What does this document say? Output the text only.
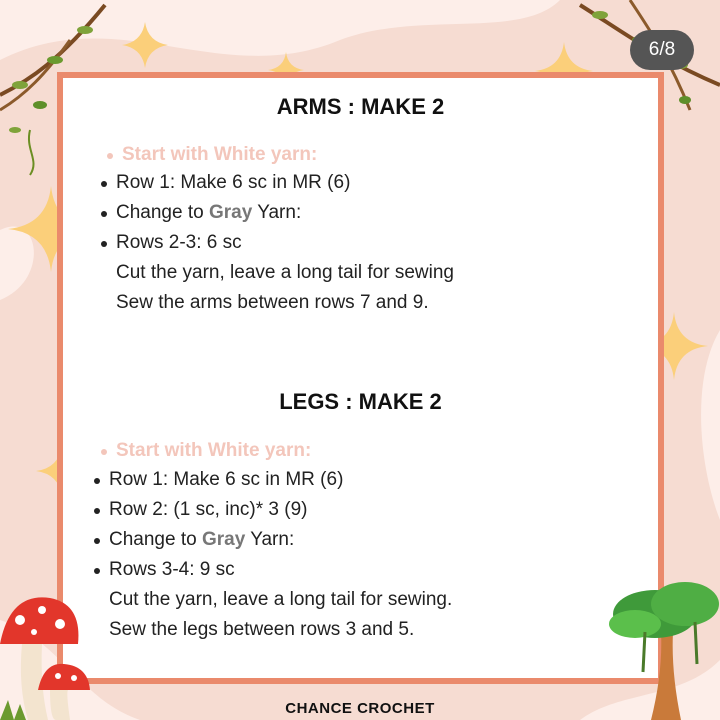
ARMS : MAKE 2
Start with White yarn:
Row 1: Make 6 sc in MR (6)
Change to Gray Yarn:
Rows 2-3: 6 sc
Cut the yarn, leave a long tail for sewing
Sew the arms between rows 7 and 9.
LEGS : MAKE 2
Start with White yarn:
Row 1: Make 6 sc in MR (6)
Row 2: (1 sc, inc)* 3 (9)
Change to Gray Yarn:
Rows 3-4: 9 sc
Cut the yarn, leave a long tail for sewing.
Sew the legs between rows 3 and 5.
6/8
CHANCE CROCHET
